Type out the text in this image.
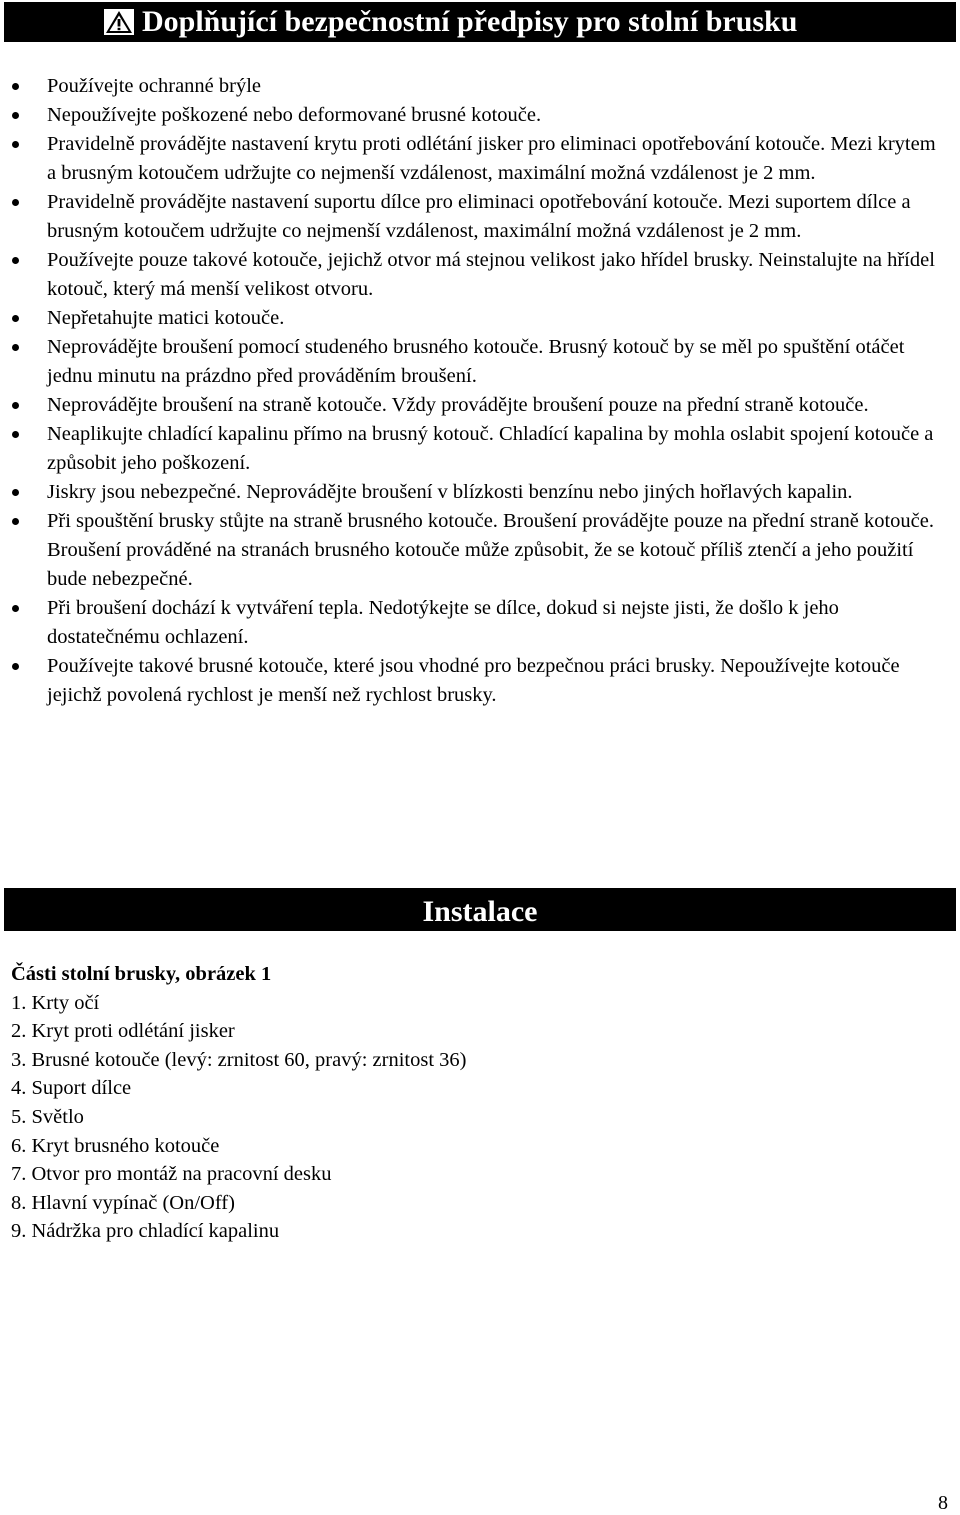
Doplňující bezpečnostní předpisy pro stolní brusku
Používejte ochranné brýle
Nepoužívejte poškozené nebo deformované brusné kotouče.
Pravidelně provádějte nastavení krytu proti odlétání jisker pro eliminaci opotřebování kotouče. Mezi krytem a brusným kotoučem udržujte co nejmenší vzdálenost, maximální možná vzdálenost je 2 mm.
Pravidelně provádějte nastavení suportu dílce pro eliminaci opotřebování kotouče. Mezi suportem dílce a brusným kotoučem udržujte co nejmenší vzdálenost, maximální možná vzdálenost je 2 mm.
Používejte pouze takové kotouče, jejichž otvor má stejnou velikost jako hřídel brusky. Neinstalujte na hřídel kotouč, který má menší velikost otvoru.
Nepřetahujte matici kotouče.
Neprovádějte broušení pomocí studeného brusného kotouče. Brusný kotouč by se měl po spuštění otáčet jednu minutu na prázdno před prováděním broušení.
Neprovádějte broušení na straně kotouče. Vždy provádějte broušení pouze na přední straně kotouče.
Neaplikujte chladící kapalinu přímo na brusný kotouč. Chladící kapalina by mohla oslabit spojení kotouče a způsobit jeho poškození.
Jiskry jsou nebezpečné. Neprovádějte broušení v blízkosti benzínu nebo jiných hořlavých kapalin.
Při spouštění brusky stůjte na straně brusného kotouče. Broušení provádějte pouze na přední straně kotouče. Broušení prováděné na stranách brusného kotouče může způsobit, že se kotouč příliš ztenčí a jeho použití bude nebezpečné.
Při broušení dochází k vytváření tepla. Nedotýkejte se dílce, dokud si nejste jisti, že došlo k jeho dostatečnému ochlazení.
Používejte takové brusné kotouče, které jsou vhodné pro bezpečnou práci brusky. Nepoužívejte kotouče jejichž povolená rychlost je menší než rychlost brusky.
Instalace
Části stolní brusky, obrázek 1
1. Krty očí
2. Kryt proti odlétání jisker
3. Brusné kotouče (levý: zrnitost 60, pravý: zrnitost 36)
4. Suport dílce
5. Světlo
6. Kryt brusného kotouče
7. Otvor pro montáž na pracovní desku
8. Hlavní vypínač (On/Off)
9. Nádržka pro chladící kapalinu
8
